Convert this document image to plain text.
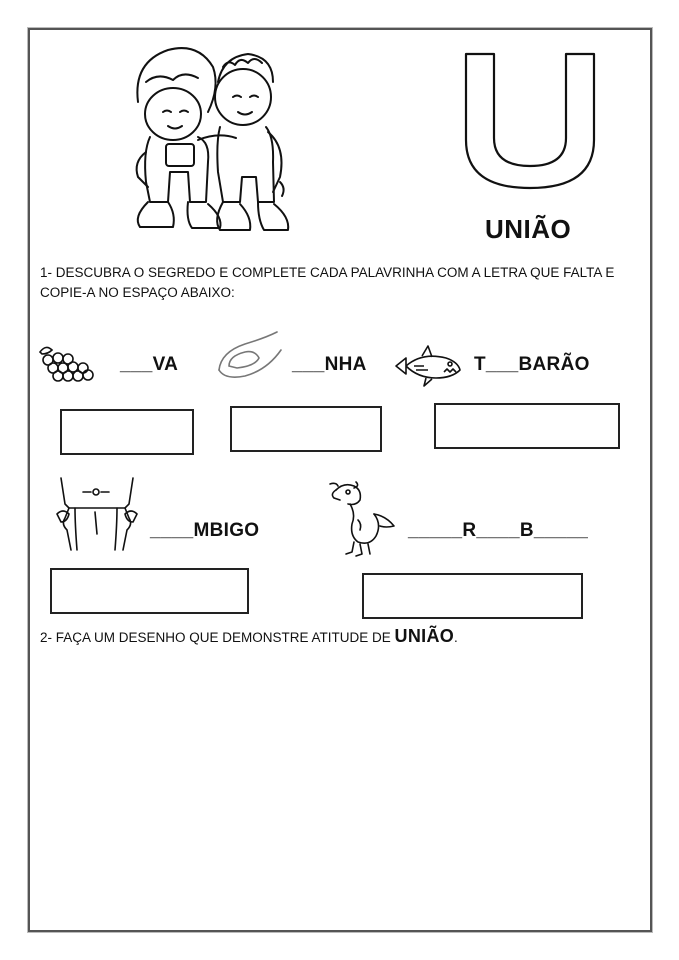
UNIÃO
1- DESCUBRA O SEGREDO E COMPLETE CADA PALAVRINHA COM A LETRA QUE FALTA E COPIE-A NO ESPAÇO ABAIXO:
___VA	___NHA	T___BARÃO
____MBIGO	_____R____B_____
2- FAÇA UM DESENHO QUE DEMONSTRE ATITUDE DE UNIÃO.
